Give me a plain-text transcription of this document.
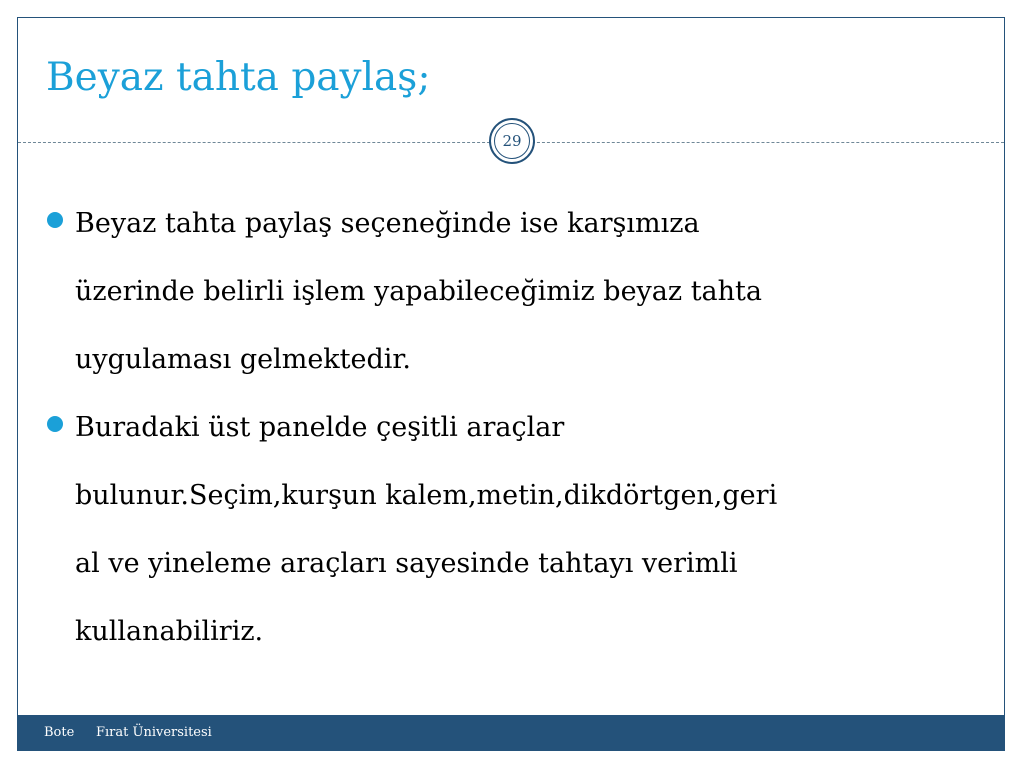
Beyaz tahta paylaş;
29
Beyaz tahta paylaş seçeneğinde ise karşımıza
üzerinde belirli işlem yapabileceğimiz beyaz tahta
uygulaması gelmektedir.
Buradaki üst panelde çeşitli araçlar
bulunur.Seçim,kurşun kalem,metin,dikdörtgen,geri
al ve yineleme araçları sayesinde tahtayı verimli
kullanabiliriz.
Bote Fırat Üniversitesi
